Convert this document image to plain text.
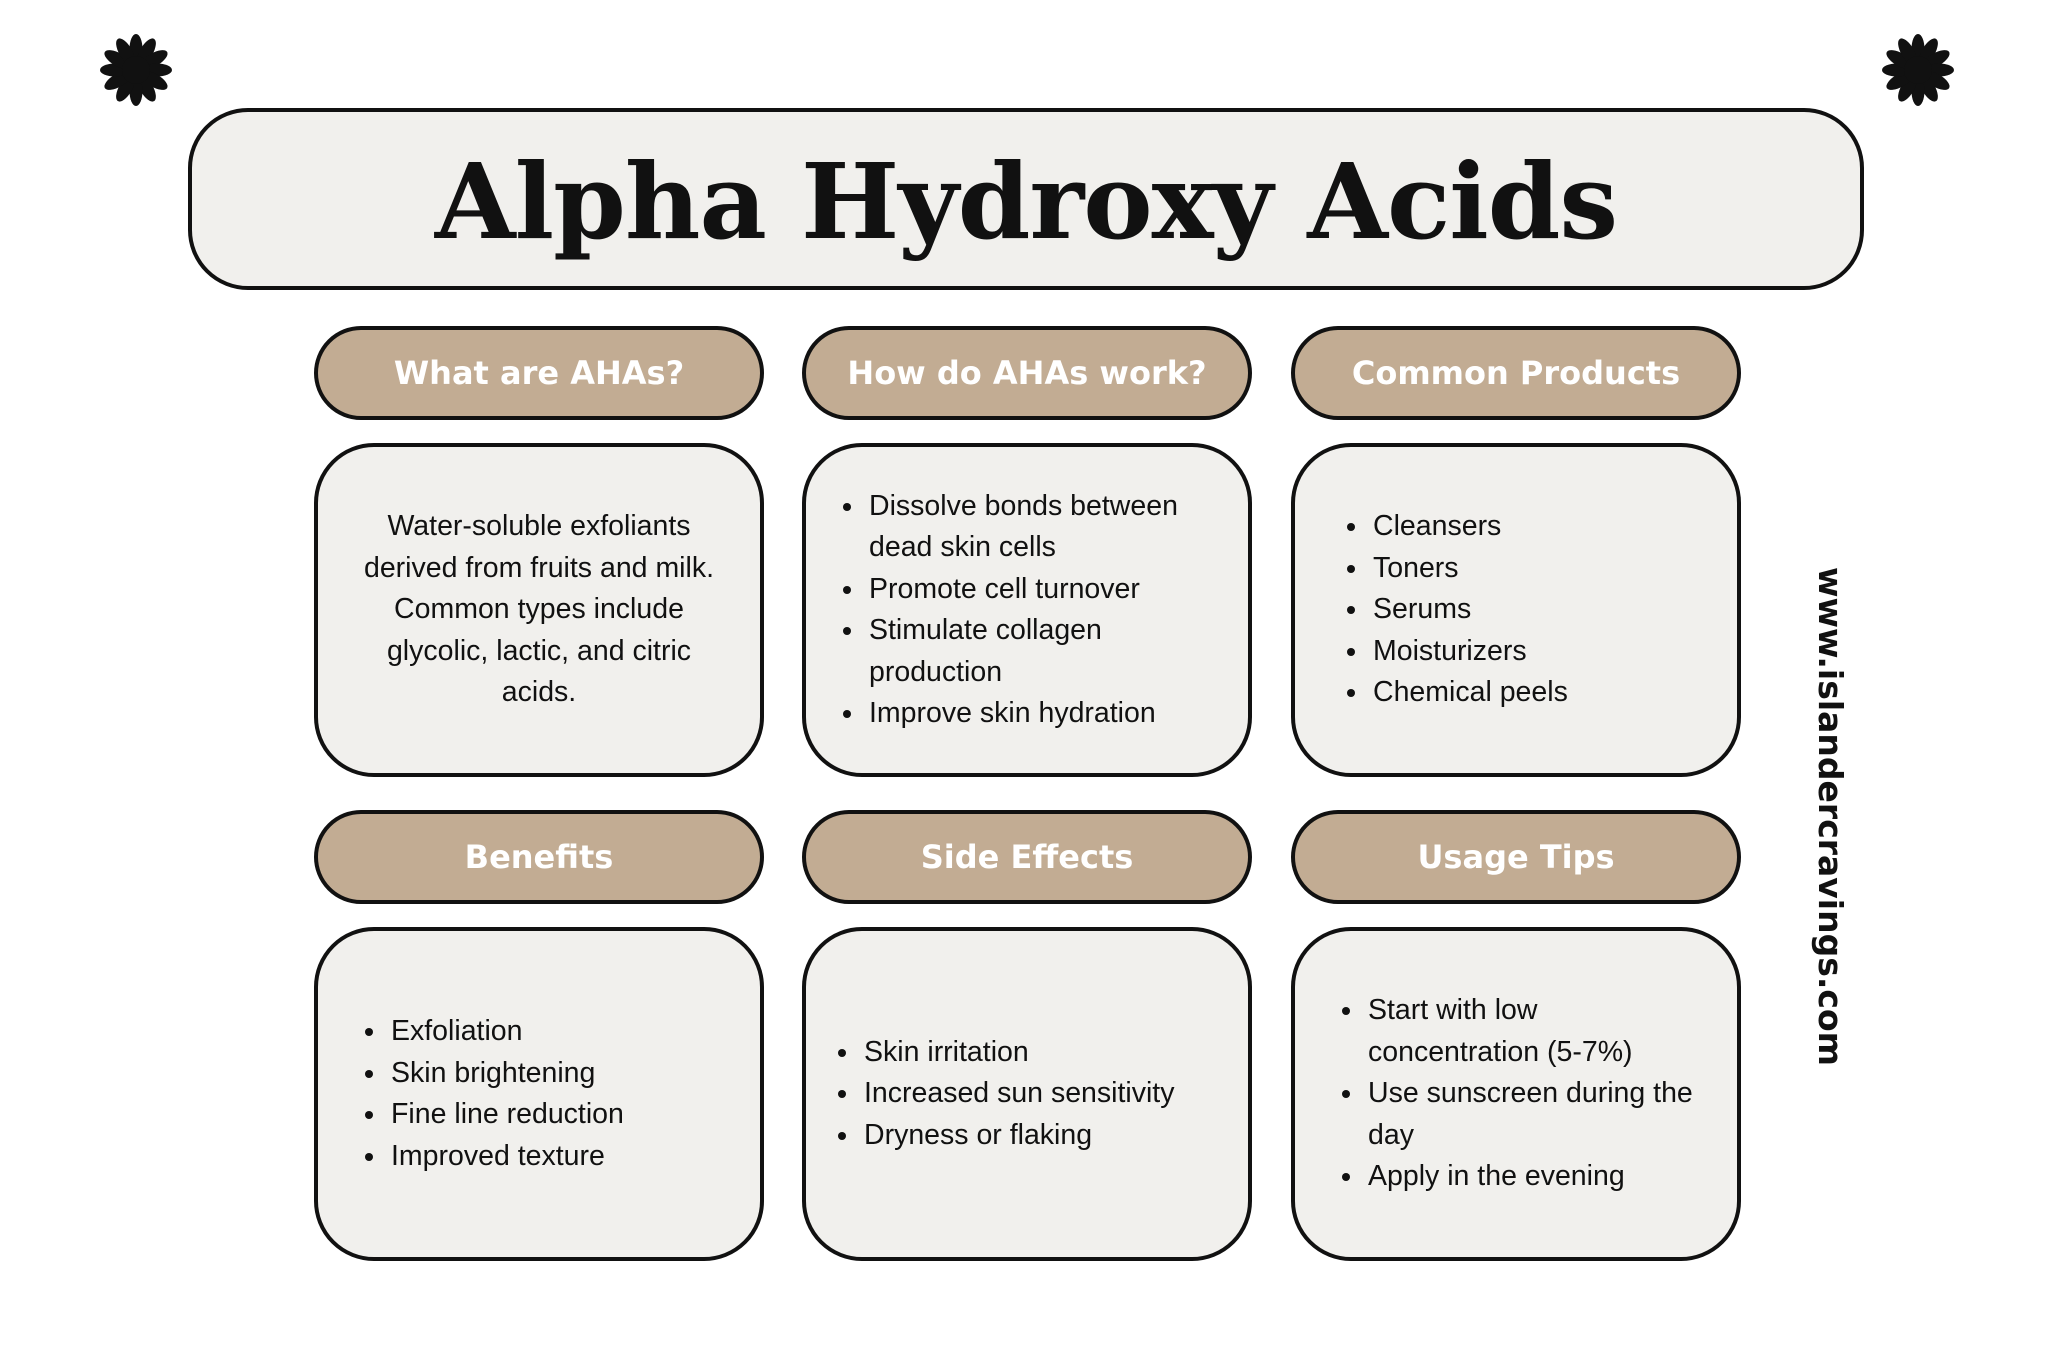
Alpha Hydroxy Acids
What are AHAs?
Water-soluble exfoliants derived from fruits and milk. Common types include glycolic, lactic, and citric acids.
How do AHAs work?
Dissolve bonds between dead skin cells
Promote cell turnover
Stimulate collagen production
Improve skin hydration
Common Products
Cleansers
Toners
Serums
Moisturizers
Chemical peels
Benefits
Exfoliation
Skin brightening
Fine line reduction
Improved texture
Side Effects
Skin irritation
Increased sun sensitivity
Dryness or flaking
Usage Tips
Start with low concentration (5-7%)
Use sunscreen during the day
Apply in the evening
www.islandercravings.com
